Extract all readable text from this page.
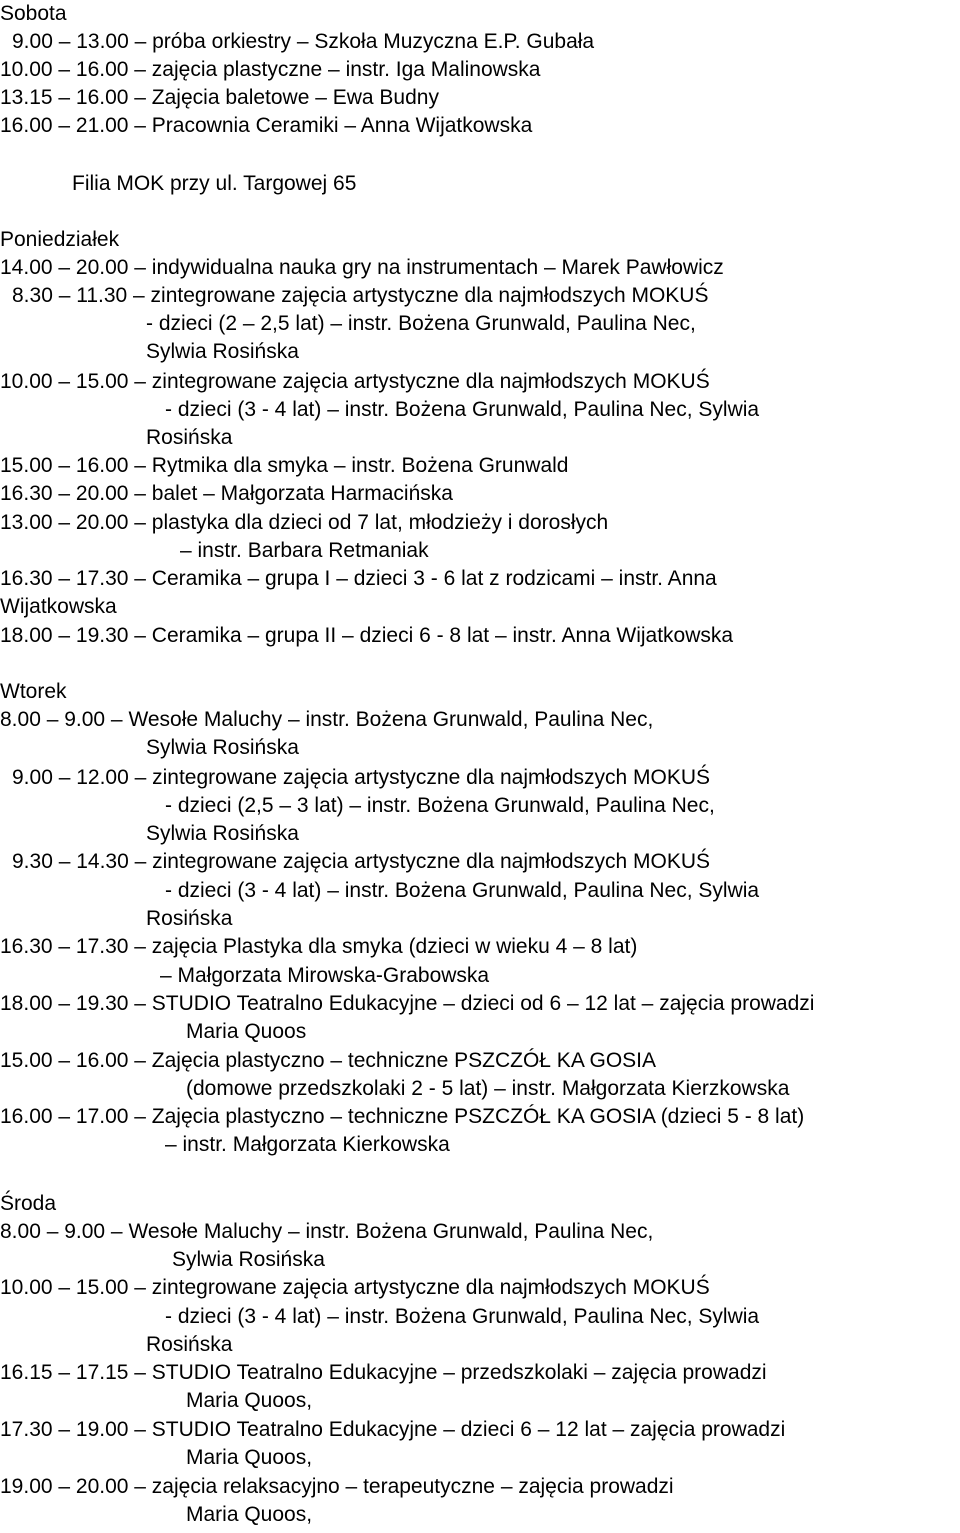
Sobota
9.00 – 13.00 – próba orkiestry – Szkoła Muzyczna E.P. Gubała
10.00 – 16.00 – zajęcia plastyczne – instr. Iga Malinowska
13.15 – 16.00 – Zajęcia baletowe – Ewa Budny
16.00 – 21.00 – Pracownia Ceramiki – Anna Wijatkowska
Filia MOK przy ul. Targowej 65
Poniedziałek
14.00 – 20.00 – indywidualna nauka gry na instrumentach – Marek Pawłowicz
8.30 – 11.30 – zintegrowane zajęcia artystyczne dla najmłodszych MOKUŚ
- dzieci (2 – 2,5 lat) – instr. Bożena Grunwald, Paulina Nec,
Sylwia Rosińska
10.00 – 15.00 – zintegrowane zajęcia artystyczne dla najmłodszych MOKUŚ
- dzieci (3 - 4 lat) – instr. Bożena Grunwald, Paulina Nec, Sylwia
Rosińska
15.00 – 16.00 – Rytmika dla smyka – instr. Bożena Grunwald
16.30 – 20.00 – balet – Małgorzata Harmacińska
13.00 – 20.00 – plastyka dla dzieci od 7 lat, młodzieży i dorosłych
– instr. Barbara Retmaniak
16.30 – 17.30 – Ceramika – grupa I – dzieci 3 - 6 lat z rodzicami – instr. Anna
Wijatkowska
18.00 – 19.30 – Ceramika – grupa II – dzieci 6 - 8 lat – instr. Anna Wijatkowska
Wtorek
8.00 – 9.00 – Wesołe Maluchy – instr. Bożena Grunwald, Paulina Nec,
Sylwia Rosińska
9.00 – 12.00 – zintegrowane zajęcia artystyczne dla najmłodszych MOKUŚ
- dzieci (2,5 – 3 lat) – instr. Bożena Grunwald, Paulina Nec,
Sylwia Rosińska
9.30 – 14.30 – zintegrowane zajęcia artystyczne dla najmłodszych MOKUŚ
- dzieci (3 - 4 lat) – instr. Bożena Grunwald, Paulina Nec, Sylwia
Rosińska
16.30 – 17.30 – zajęcia Plastyka dla smyka (dzieci w wieku 4 – 8 lat)
– Małgorzata Mirowska-Grabowska
18.00 – 19.30 – STUDIO Teatralno Edukacyjne – dzieci od 6 – 12 lat – zajęcia prowadzi
Maria Quoos
15.00 – 16.00 – Zajęcia plastyczno – techniczne PSZCZÓŁ KA GOSIA
(domowe przedszkolaki 2 - 5 lat) – instr. Małgorzata Kierzkowska
16.00 – 17.00 – Zajęcia plastyczno – techniczne PSZCZÓŁ KA GOSIA (dzieci 5 - 8 lat)
– instr. Małgorzata Kierkowska
Środa
8.00 – 9.00 – Wesołe Maluchy – instr. Bożena Grunwald, Paulina Nec,
Sylwia Rosińska
10.00 – 15.00 – zintegrowane zajęcia artystyczne dla najmłodszych MOKUŚ
- dzieci (3 - 4 lat) – instr. Bożena Grunwald, Paulina Nec, Sylwia
Rosińska
16.15 – 17.15 – STUDIO Teatralno Edukacyjne – przedszkolaki – zajęcia prowadzi
Maria Quoos,
17.30 – 19.00 – STUDIO Teatralno Edukacyjne – dzieci 6 – 12 lat – zajęcia prowadzi
Maria Quoos,
19.00 – 20.00 – zajęcia relaksacyjno – terapeutyczne – zajęcia prowadzi
Maria Quoos,
